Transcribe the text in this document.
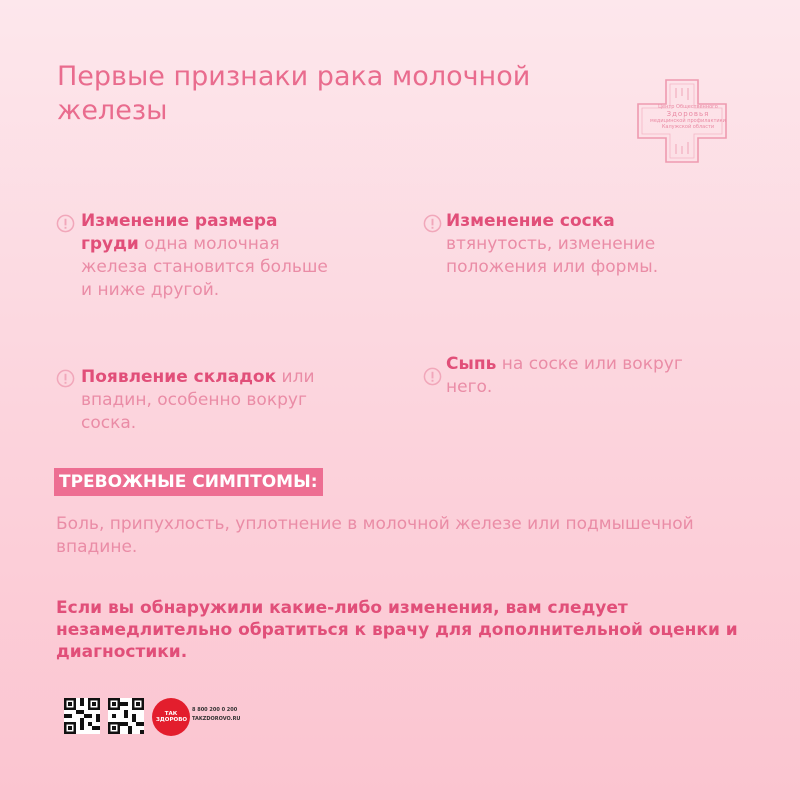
Первые признаки рака молочной железы	Центр Общественного
Здоровья
медицинской профилактики
Калужской области
Изменение размера груди одна молочная железа становится больше и ниже другой.
Изменение соска втянутость, изменение положения или формы.
Появление складок или впадин, особенно вокруг соска.
Сыпь на соске или вокруг него.
ТРЕВОЖНЫЕ СИМПТОМЫ:
Боль, припухлость, уплотнение в молочной железе или подмышечной впадине.
Если вы обнаружили какие-либо изменения, вам следует незамедлительно обратиться к врачу для дополнительной оценки и диагностики.
ТАК ЗДОРОВО
8 800 200 0 200
TAKZDOROVO.RU
